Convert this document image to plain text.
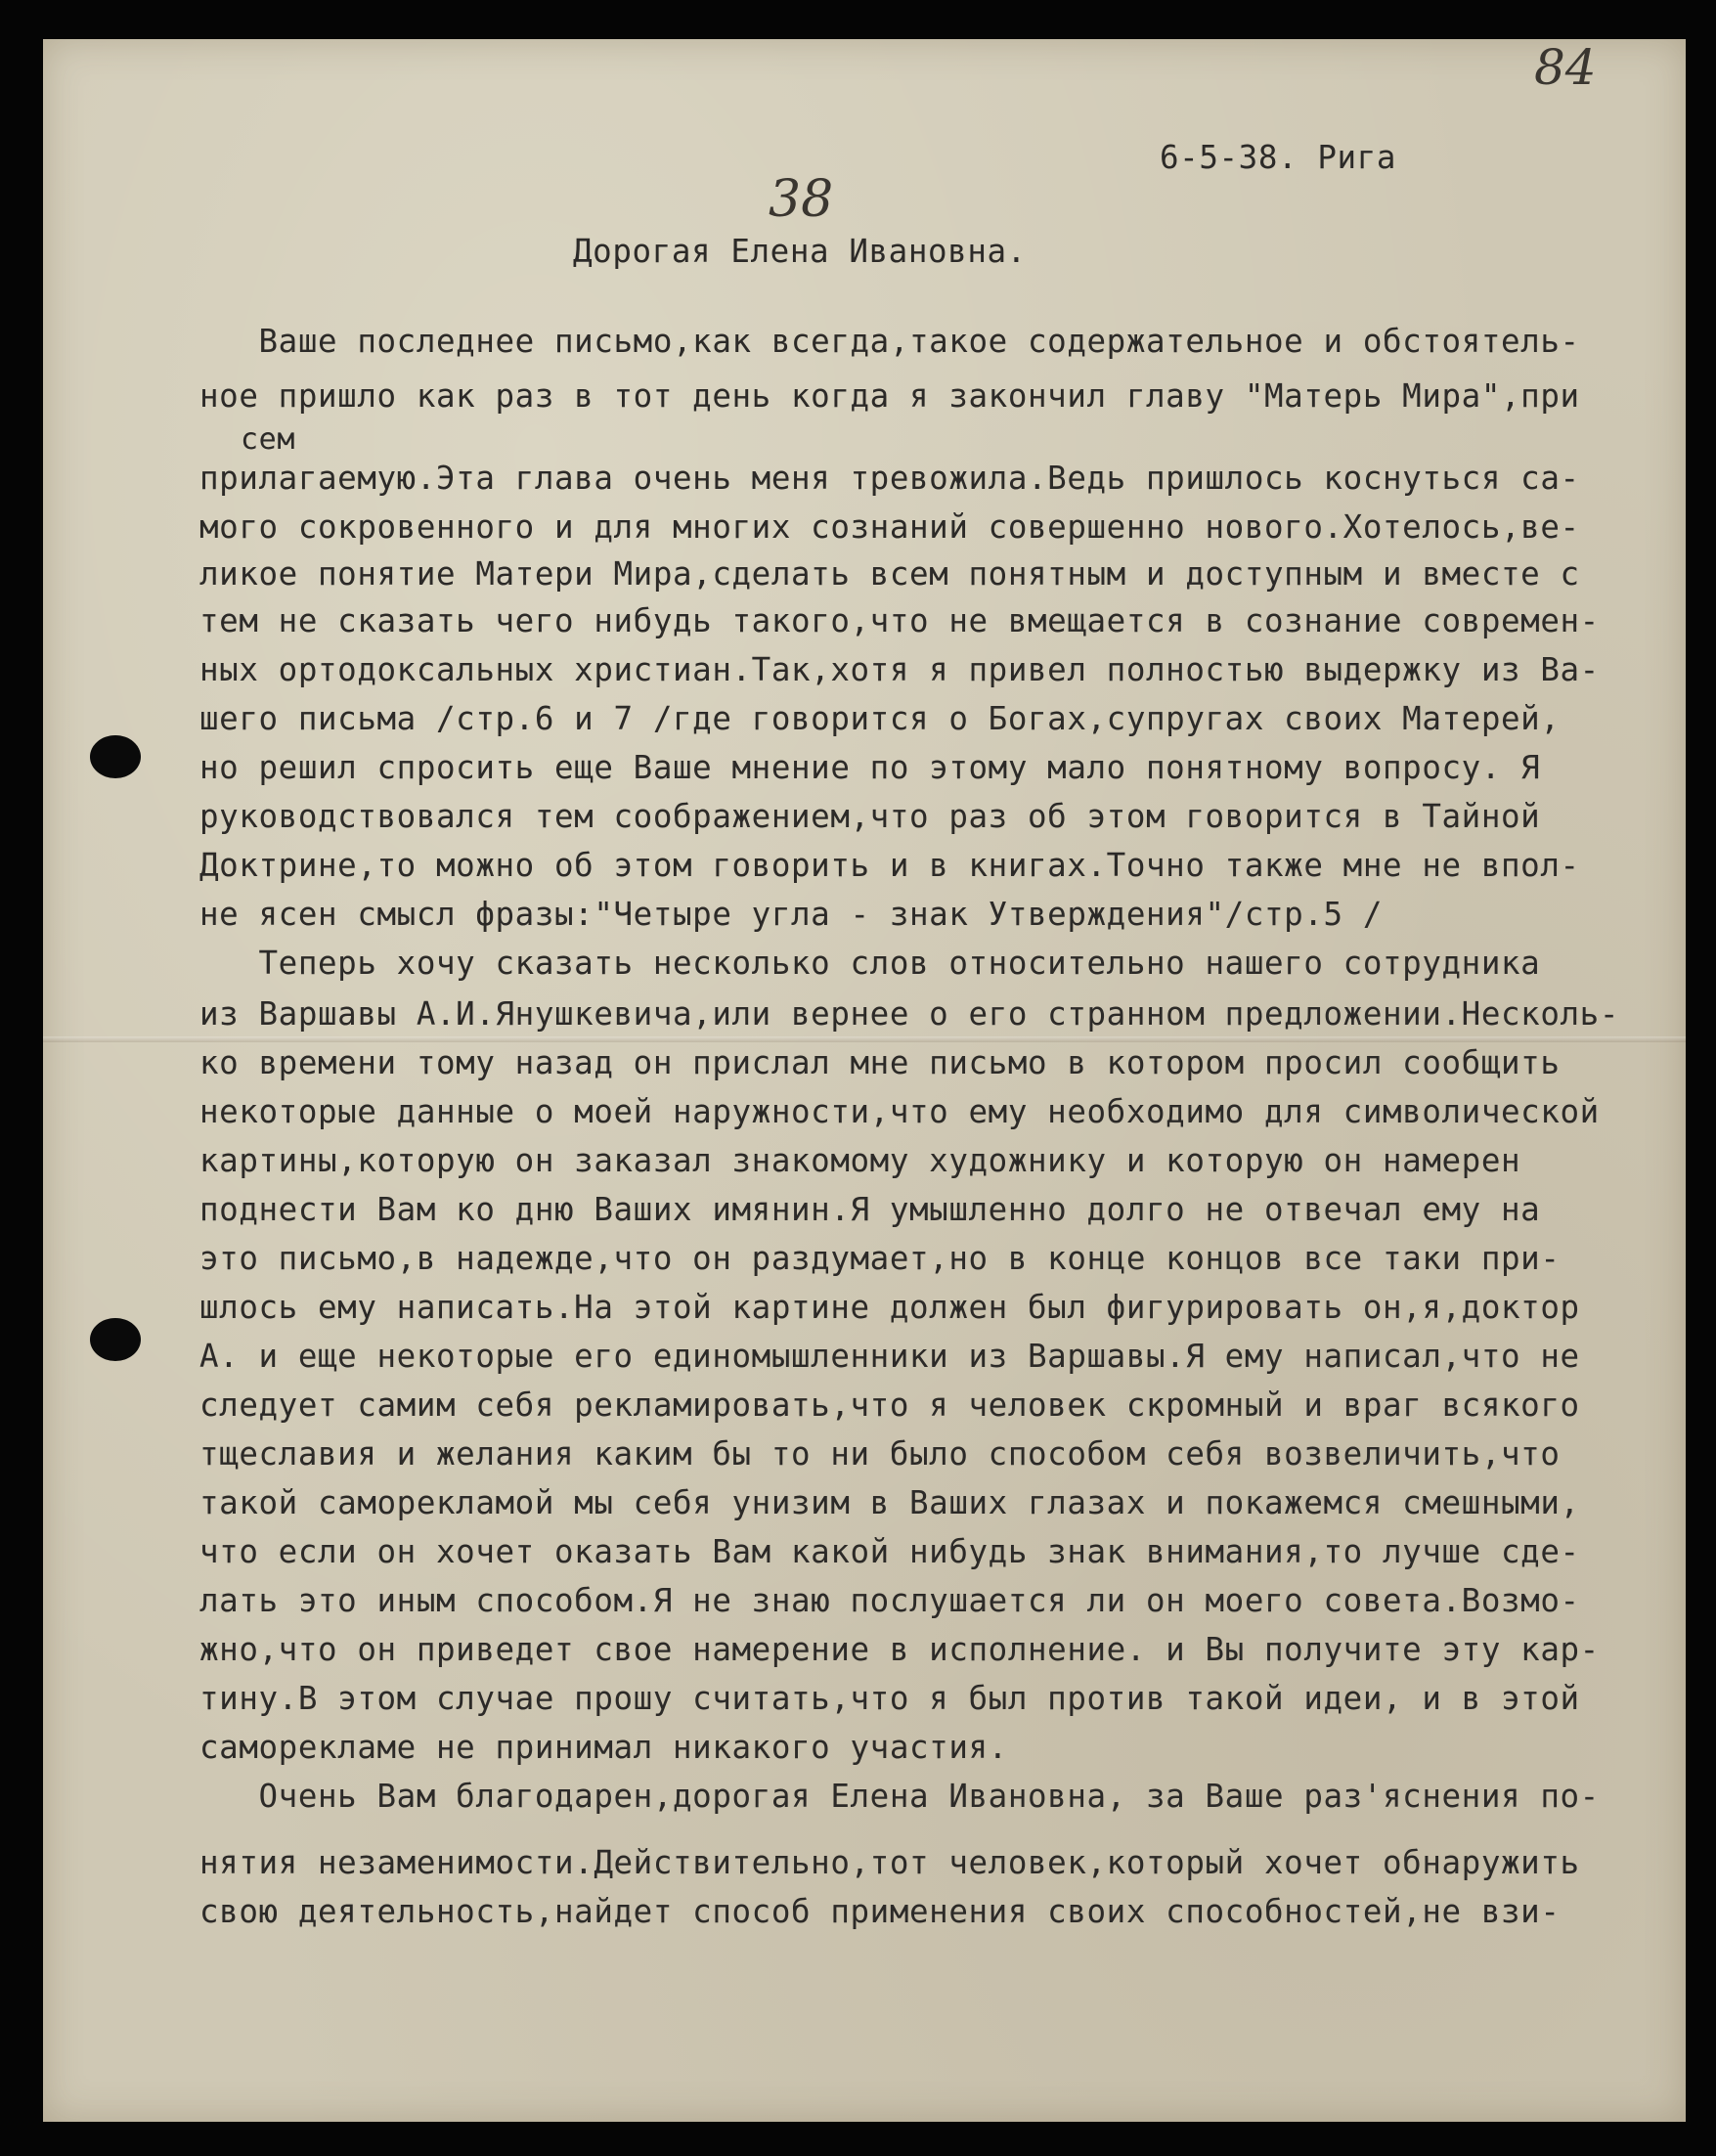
84
38
6-5-38. Рига
Дорогая Елена Ивановна.
Ваше последнее письмо,как всегда,такое содержательное и обстоятель-
ное пришло как раз в тот день когда я закончил главу "Матерь Мира",при
сем
прилагаемую.Эта глава очень меня тревожила.Ведь пришлось коснуться са-
мого сокровенного и для многих сознаний совершенно нового.Хотелось,ве-
ликое понятие Матери Мира,сделать всем понятным и доступным и вместе с
тем не сказать чего нибудь такого,что не вмещается в сознание современ-
ных ортодоксальных христиан.Так,хотя я привел полностью выдержку из Ва-
шего письма /стр.6 и 7 /где говорится о Богах,супругах своих Матерей,
но решил спросить еще Ваше мнение по этому мало понятному вопросу. Я
руководствовался тем соображением,что раз об этом говорится в Тайной
Доктрине,то можно об этом говорить и в книгах.Точно также мне не впол-
не ясен смысл фразы:"Четыре угла - знак Утверждения"/стр.5 /
Теперь хочу сказать несколько слов относительно нашего сотрудника
из Варшавы А.И.Янушкевича,или вернее о его странном предложении.Несколь-
ко времени тому назад он прислал мне письмо в котором просил сообщить
некоторые данные о моей наружности,что ему необходимо для символической
картины,которую он заказал знакомому художнику и которую он намерен
поднести Вам ко дню Ваших имянин.Я умышленно долго не отвечал ему на
это письмо,в надежде,что он раздумает,но в конце концов все таки при-
шлось ему написать.На этой картине должен был фигурировать он,я,доктор
А. и еще некоторые его единомышленники из Варшавы.Я ему написал,что не
следует самим себя рекламировать,что я человек скромный и враг всякого
тщеславия и желания каким бы то ни было способом себя возвеличить,что
такой саморекламой мы себя унизим в Ваших глазах и покажемся смешными,
что если он хочет оказать Вам какой нибудь знак внимания,то лучше сде-
лать это иным способом.Я не знаю послушается ли он моего совета.Возмо-
жно,что он приведет свое намерение в исполнение. и Вы получите эту кар-
тину.В этом случае прошу считать,что я был против такой идеи, и в этой
саморекламе не принимал никакого участия.
Очень Вам благодарен,дорогая Елена Ивановна, за Ваше раз'яснения по-
нятия незаменимости.Действительно,тот человек,который хочет обнаружить
свою деятельность,найдет способ применения своих способностей,не взи-
